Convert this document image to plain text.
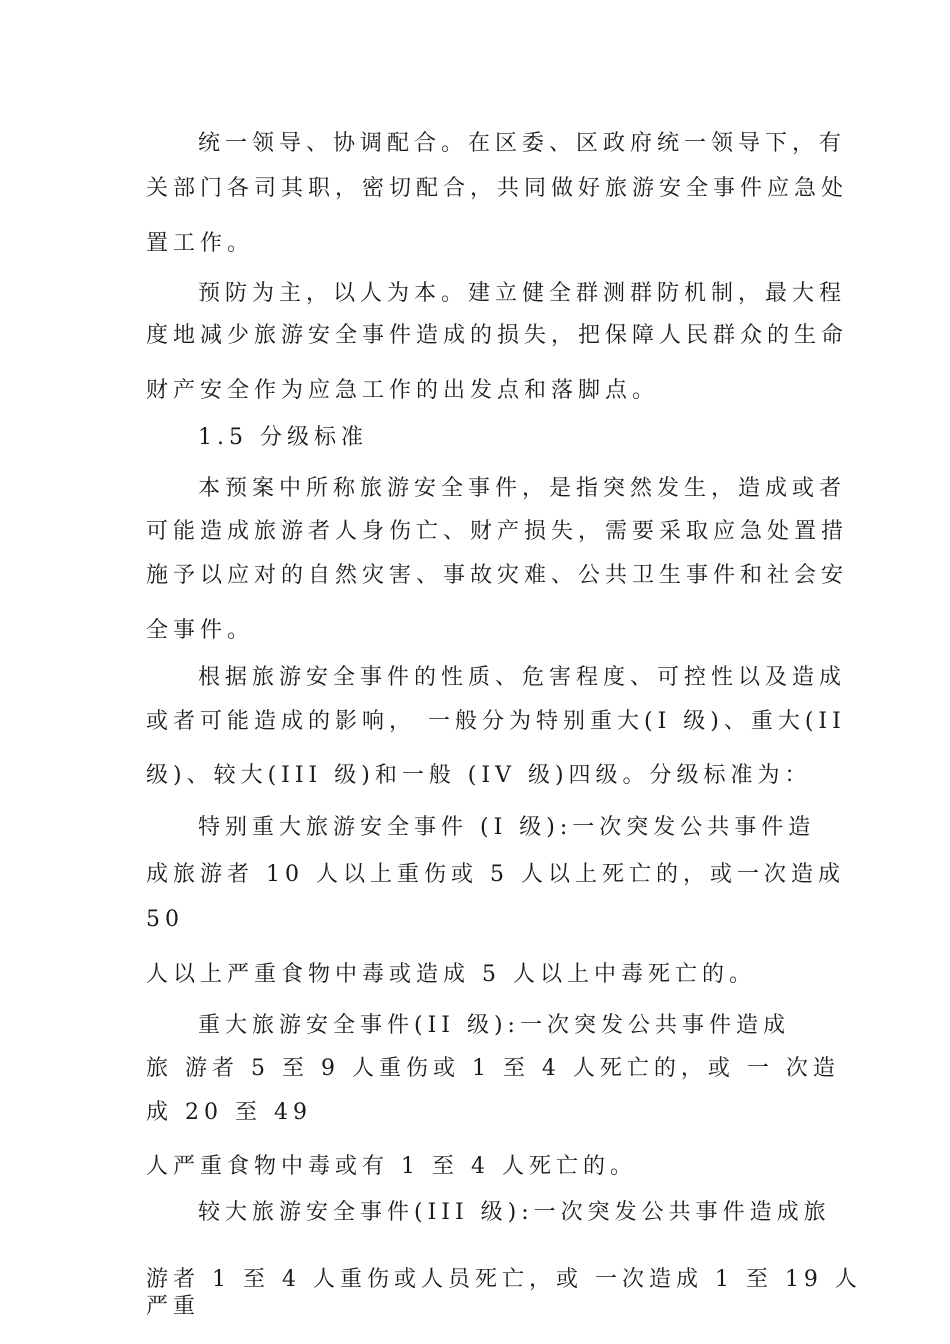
统一领导、协调配合。在区委、区政府统一领导下，有
关部门各司其职，密切配合，共同做好旅游安全事件应急处
置工作。
预防为主，以人为本。建立健全群测群防机制，最大程
度地减少旅游安全事件造成的损失，把保障人民群众的生命
财产安全作为应急工作的出发点和落脚点。
1.5 分级标准
本预案中所称旅游安全事件，是指突然发生，造成或者
可能造成旅游者人身伤亡、财产损失，需要采取应急处置措
施予以应对的自然灾害、事故灾难、公共卫生事件和社会安
全事件。
根据旅游安全事件的性质、危害程度、可控性以及造成
或者可能造成的影响， 一般分为特别重大(I 级)、重大(II
级)、较大(III 级)和一般 (IV 级)四级。分级标准为：
特别重大旅游安全事件 (I 级):一次突发公共事件造
成旅游者 10 人以上重伤或 5 人以上死亡的，或一次造成
50
人以上严重食物中毒或造成 5 人以上中毒死亡的。
重大旅游安全事件(II 级):一次突发公共事件造成
旅 游者 5 至 9 人重伤或 1 至 4 人死亡的，或 一 次造
成 20 至 49
人严重食物中毒或有 1 至 4 人死亡的。
较大旅游安全事件(III 级):一次突发公共事件造成旅
游者 1 至 4 人重伤或人员死亡，或 一次造成 1 至 19 人
严重
